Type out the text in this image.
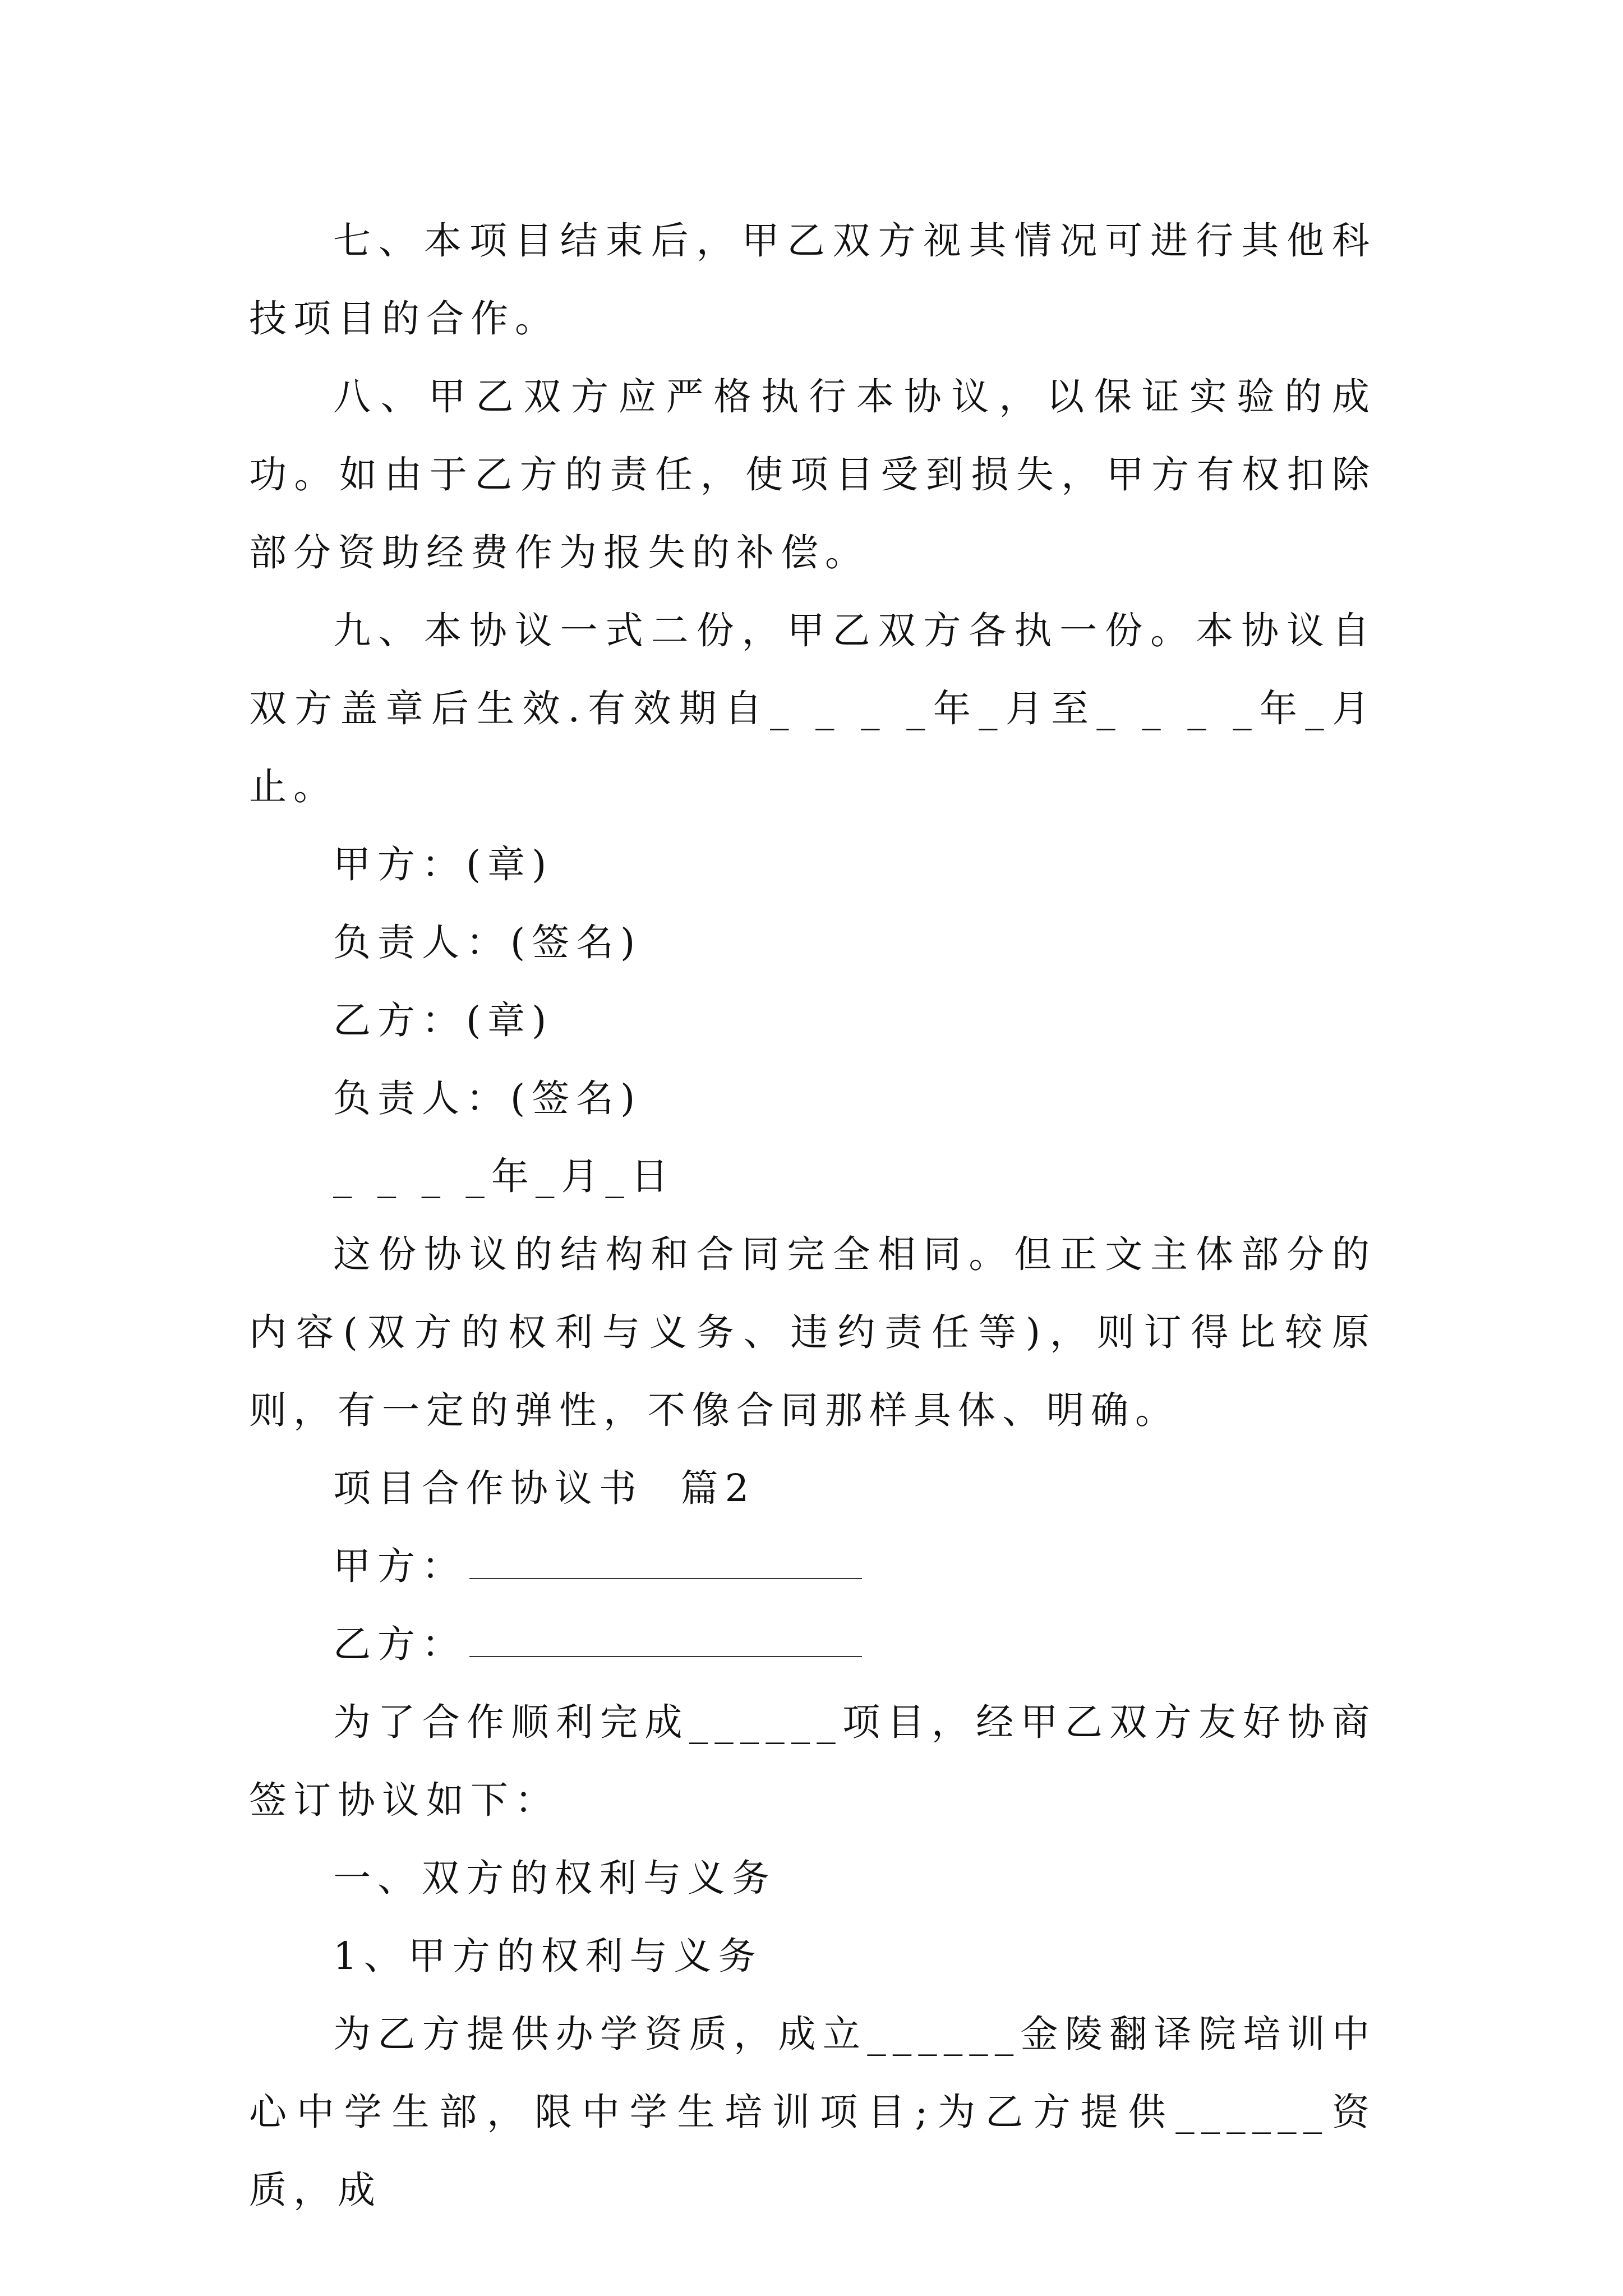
七、本项目结束后，甲乙双方视其情况可进行其他科技项目的合作。

八、甲乙双方应严格执行本协议，以保证实验的成功。如由于乙方的责任，使项目受到损失，甲方有权扣除部分资助经费作为报失的补偿。

九、本协议一式二份，甲乙双方各执一份。本协议自双方盖章后生效.有效期自_ _ _ _年_月至_ _ _ _年_月止。

甲方：(章)

负责人：(签名)

乙方：(章)

负责人：(签名)

_ _ _ _年_月_日

这份协议的结构和合同完全相同。但正文主体部分的内容(双方的权利与义务、违约责任等)，则订得比较原则，有一定的弹性，不像合同那样具体、明确。

项目合作协议书  篇2

甲方：

乙方：

为了合作顺利完成______项目，经甲乙双方友好协商签订协议如下：

一、双方的权利与义务

1、甲方的权利与义务

为乙方提供办学资质，成立______金陵翻译院培训中心中学生部，限中学生培训项目;为乙方提供______资质，成
